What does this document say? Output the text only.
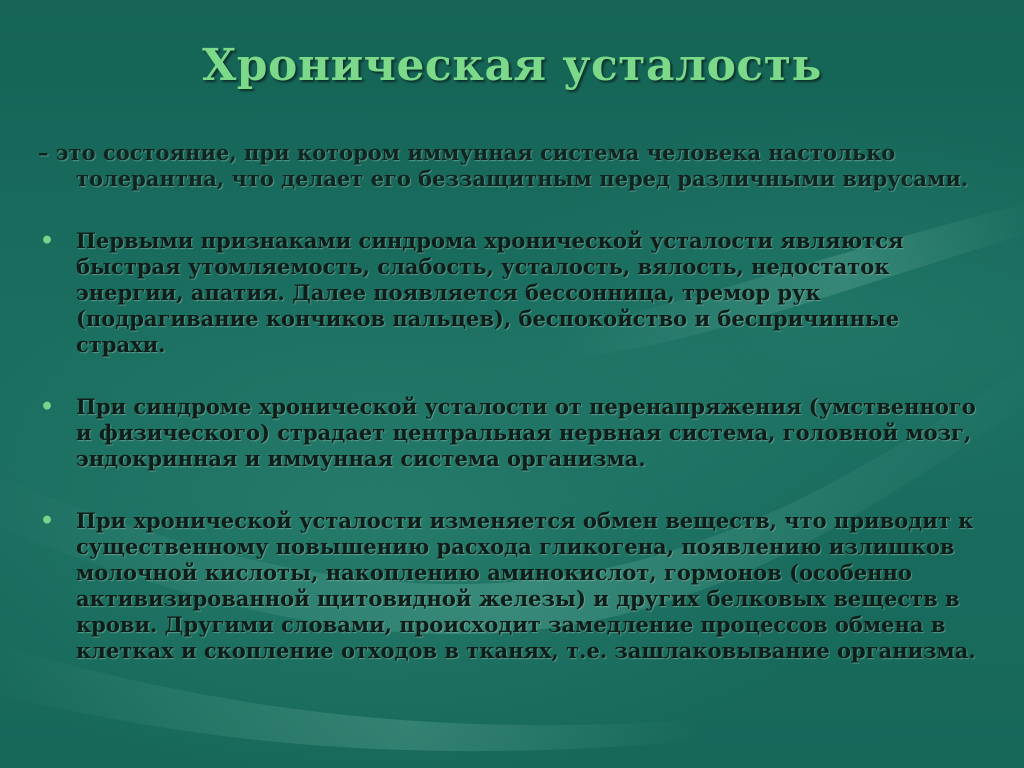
Хроническая усталость

– это состояние, при котором иммунная система человека настолько толерантна, что делает его беззащитным перед различными вирусами.

• Первыми признаками синдрома хронической усталости являются быстрая утомляемость, слабость, усталость, вялость, недостаток энергии, апатия. Далее появляется бессонница, тремор рук (подрагивание кончиков пальцев), беспокойство и беспричинные страхи.
• При синдроме хронической усталости от перенапряжения (умственного и физического) страдает центральная нервная система, головной мозг, эндокринная и иммунная система организма.
• При хронической усталости изменяется обмен веществ, что приводит к существенному повышению расхода гликогена, появлению излишков молочной кислоты, накоплению аминокислот, гормонов (особенно активизированной щитовидной железы) и других белковых веществ в крови. Другими словами, происходит замедление процессов обмена в клетках и скопление отходов в тканях, т.е. зашлаковывание организма.
